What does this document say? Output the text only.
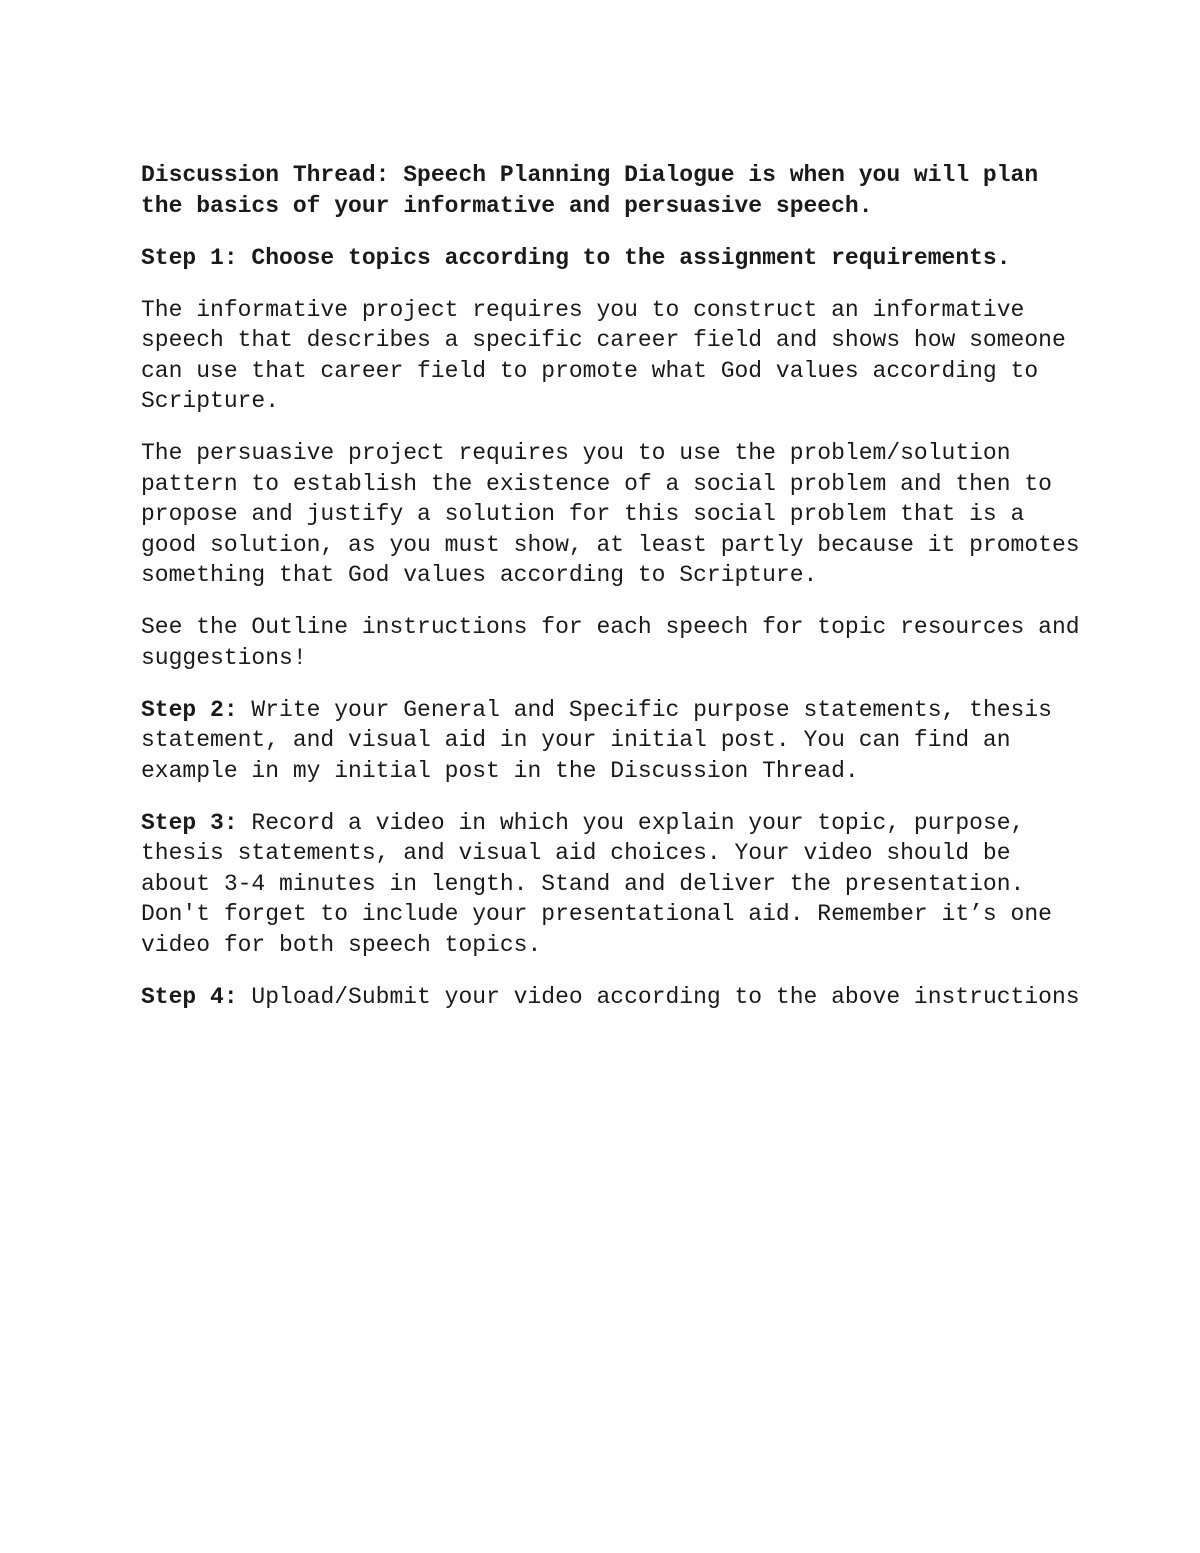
Discussion Thread: Speech Planning Dialogue is when you will plan the basics of your informative and persuasive speech.

Step 1: Choose topics according to the assignment requirements.

The informative project requires you to construct an informative speech that describes a specific career field and shows how someone can use that career field to promote what God values according to Scripture.

The persuasive project requires you to use the problem/solution pattern to establish the existence of a social problem and then to propose and justify a solution for this social problem that is a good solution, as you must show, at least partly because it promotes something that God values according to Scripture.

See the Outline instructions for each speech for topic resources and suggestions!

Step 2: Write your General and Specific purpose statements, thesis statement, and visual aid in your initial post. You can find an example in my initial post in the Discussion Thread.

Step 3: Record a video in which you explain your topic, purpose, thesis statements, and visual aid choices. Your video should be about 3-4 minutes in length. Stand and deliver the presentation. Don't forget to include your presentational aid. Remember it’s one video for both speech topics.

Step 4: Upload/Submit your video according to the above instructions
